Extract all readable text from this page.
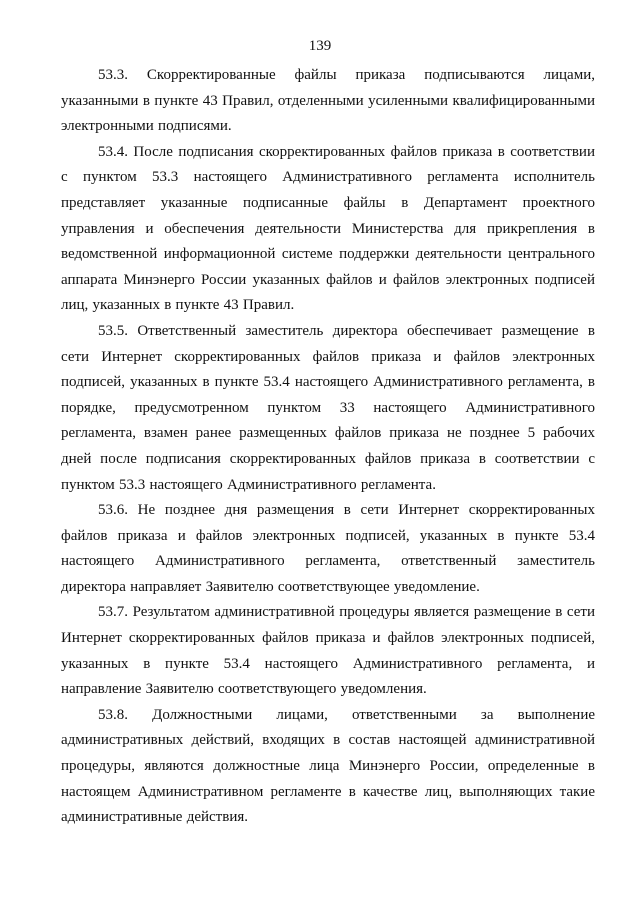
139

53.3. Скорректированные файлы приказа подписываются лицами, указанными в пункте 43 Правил, отделенными усиленными квалифицированными электронными подписями.

53.4. После подписания скорректированных файлов приказа в соответствии с пунктом 53.3 настоящего Административного регламента исполнитель представляет указанные подписанные файлы в Департамент проектного управления и обеспечения деятельности Министерства для прикрепления в ведомственной информационной системе поддержки деятельности центрального аппарата Минэнерго России указанных файлов и файлов электронных подписей лиц, указанных в пункте 43 Правил.

53.5. Ответственный заместитель директора обеспечивает размещение в сети Интернет скорректированных файлов приказа и файлов электронных подписей, указанных в пункте 53.4 настоящего Административного регламента, в порядке, предусмотренном пунктом 33 настоящего Административного регламента, взамен ранее размещенных файлов приказа не позднее 5 рабочих дней после подписания скорректированных файлов приказа в соответствии с пунктом 53.3 настоящего Административного регламента.

53.6. Не позднее дня размещения в сети Интернет скорректированных файлов приказа и файлов электронных подписей, указанных в пункте 53.4 настоящего Административного регламента, ответственный заместитель директора направляет Заявителю соответствующее уведомление.

53.7. Результатом административной процедуры является размещение в сети Интернет скорректированных файлов приказа и файлов электронных подписей, указанных в пункте 53.4 настоящего Административного регламента, и направление Заявителю соответствующего уведомления.

53.8. Должностными лицами, ответственными за выполнение административных действий, входящих в состав настоящей административной процедуры, являются должностные лица Минэнерго России, определенные в настоящем Административном регламенте в качестве лиц, выполняющих такие административные действия.
